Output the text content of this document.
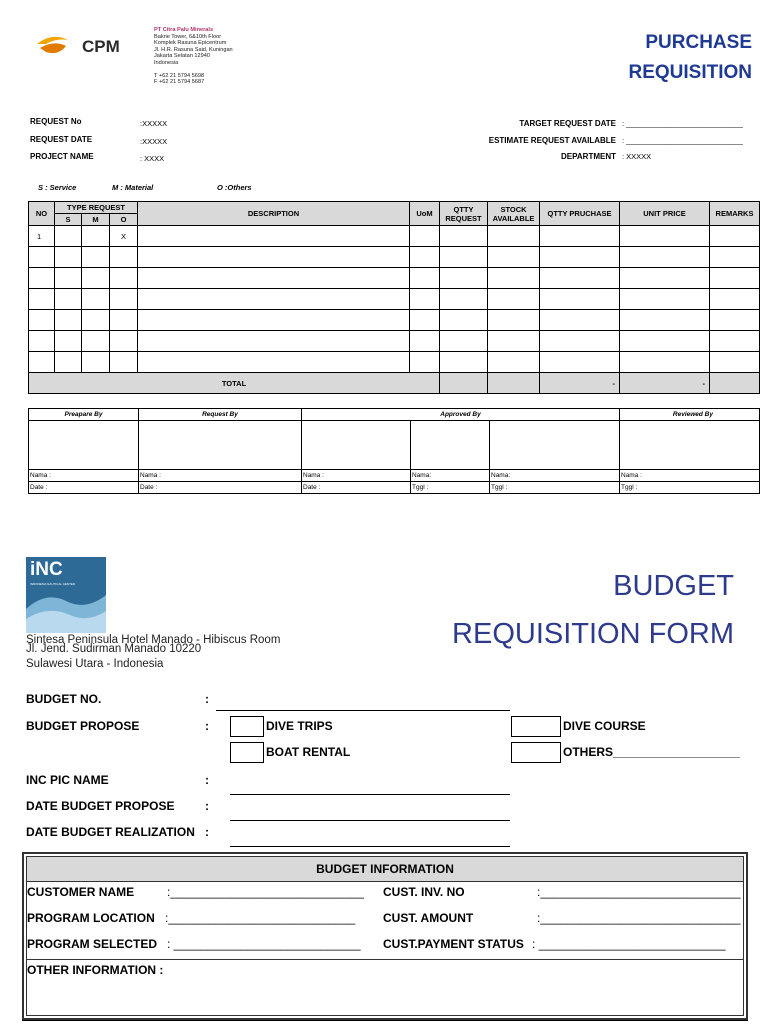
CPM
PT Citra Palu Minerals
Bakrie Tower, 6&10th Floor
Komplek Rasuna Epicentrum
Jl. H.R. Rasuna Said, Kuningan
Jakarta Selatan 12940
Indonesia
T +62 21 5794 5698
F +62 21 5794 5687
PURCHASE
REQUISITION
REQUEST No	:XXXXX
REQUEST DATE	:XXXXX
PROJECT NAME	: XXXX
TARGET REQUEST DATE : ____________________________
ESTIMATE REQUEST AVAILABLE : ____________________________
DEPARTMENT : XXXXX
S : Service	M : Material	O :Others
NO	TYPE REQUEST			DESCRIPTION	UoM	QTTY REQUEST	STOCK AVAILABLE	QTTY PRUCHASE	UNIT PRICE	REMARKS
	S	M	O							
1			X							

TOTAL								-	-	
Preapare By	Request By	Approved By			Reviewed By

Nama :	Nama :	Nama :	Nama:	Nama:	Nama :
Date :	Date :	Date :	Tggl :	Tggl :	Tggl :
iNC
INDONESIA NAUTICAL CENTER
Sintesa Peninsula Hotel Manado - Hibiscus Room
Jl. Jend. Sudirman Manado 10220
Sulawesi Utara - Indonesia
BUDGET
REQUISITION FORM
BUDGET NO.	:
BUDGET PROPOSE	:	DIVE TRIPS
BOAT RENTAL
DIVE COURSE
OTHERS___________________
INC PIC NAME	:
DATE BUDGET PROPOSE	:
DATE BUDGET REALIZATION :
BUDGET INFORMATION
CUSTOMER NAME	:_____________________________ CUST. INV. NO	:______________________________
PROGRAM LOCATION :____________________________ CUST. AMOUNT	:______________________________
PROGRAM SELECTED : ____________________________ CUST.PAYMENT STATUS : ____________________________
OTHER INFORMATION :
